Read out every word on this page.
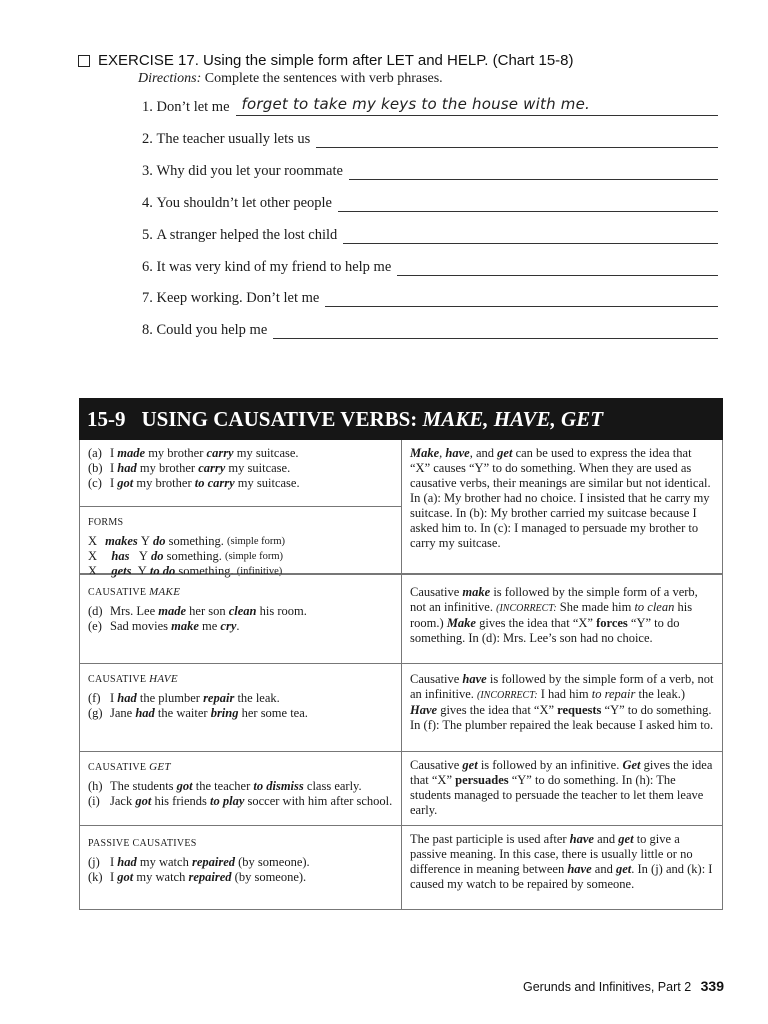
EXERCISE 17. Using the simple form after LET and HELP. (Chart 15-8)
Directions: Complete the sentences with verb phrases.
1.
Don’t let me forget to take my keys to the house with me.
2.
The teacher usually lets us
3.
Why did you let your roommate
4.
You shouldn’t let other people
5.
A stranger helped the lost child
6.
It was very kind of my friend to help me
7.
Keep working. Don’t let me
8.
Could you help me
15-9 USING CAUSATIVE VERBS:
MAKE, HAVE, GET
(a) I made my brother carry my suitcase.
(b) I had my brother carry my suitcase.
(c) I got my brother to carry my suitcase.
FORMS
X
makes
Y
do
something.
(simple form)
X
	has
Y
do
something.
(simple form)
X
	gets
Y
to do
something.
(infinitive)
Make, have, and get can be used to express the idea that “X” causes “Y” to do something. When they are used as causative verbs, their meanings are similar but not identical. In (a): My brother had no choice. I insisted that he carry my suitcase. In (b): My brother carried my suitcase because I asked him to. In (c): I managed to persuade my brother to carry my suitcase.
CAUSATIVE MAKE
(d) Mrs. Lee made her son clean his room.
(e) Sad movies make me cry.
Causative make is followed by the simple form of a verb, not an infinitive. (INCORRECT: She made him to clean his room.) Make gives the idea that “X” forces “Y” to do something. In (d): Mrs. Lee’s son had no choice.
CAUSATIVE HAVE
(f) I had the plumber repair the leak.
(g) Jane had the waiter bring her some tea.
Causative have is followed by the simple form of a verb, not an infinitive. (INCORRECT: I had him to repair the leak.) Have gives the idea that “X” requests “Y” to do something. In (f): The plumber repaired the leak because I asked him to.
CAUSATIVE GET
(h) The students got the teacher to dismiss class early.
(i) Jack got his friends to play soccer with him after school.
Causative get is followed by an infinitive. Get gives the idea that “X” persuades “Y” to do something. In (h): The students managed to persuade the teacher to let them leave early.
PASSIVE CAUSATIVES
(j) I had my watch repaired (by someone).
(k) I got my watch repaired (by someone).
The past participle is used after have and get to give a passive meaning. In this case, there is usually little or no difference in meaning between have and get. In (j) and (k): I caused my watch to be repaired by someone.
Gerunds and Infinitives, Part 2 339
